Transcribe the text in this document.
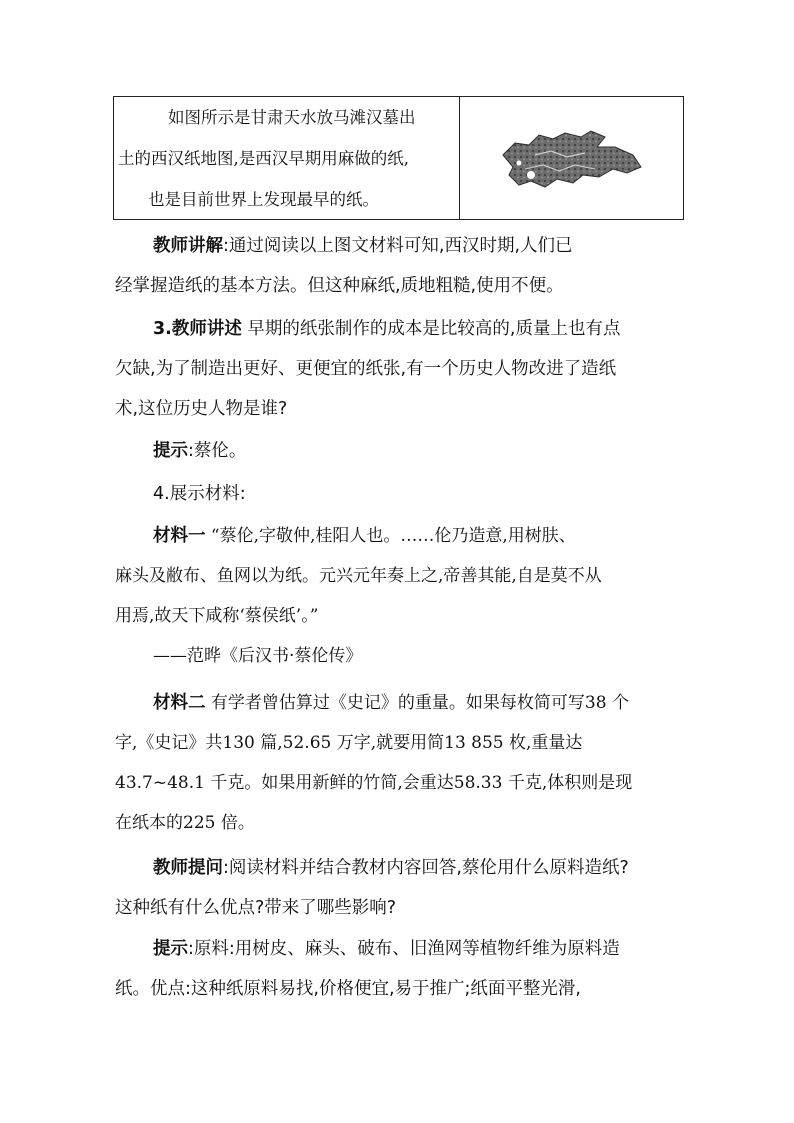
如图所示是甘肃天水放马滩汉墓出
土的西汉纸地图,是西汉早期用麻做的纸,
也是目前世界上发现最早的纸。
教师讲解:通过阅读以上图文材料可知,西汉时期,人们已
经掌握造纸的基本方法。但这种麻纸,质地粗糙,使用不便。
3.教师讲述 早期的纸张制作的成本是比较高的,质量上也有点
欠缺,为了制造出更好、更便宜的纸张,有一个历史人物改进了造纸
术,这位历史人物是谁?
提示:蔡伦。
4.展示材料:
材料一 “蔡伦,字敬仲,桂阳人也。……伦乃造意,用树肤、
麻头及敝布、鱼网以为纸。元兴元年奏上之,帝善其能,自是莫不从
用焉,故天下咸称‘蔡侯纸’。”
——范晔《后汉书·蔡伦传》
材料二 有学者曾估算过《史记》的重量。如果每枚简可写38 个
字,《史记》共130 篇,52.65 万字,就要用简13 855 枚,重量达
43.7~48.1 千克。如果用新鲜的竹简,会重达58.33 千克,体积则是现
在纸本的225 倍。
教师提问:阅读材料并结合教材内容回答,蔡伦用什么原料造纸?
这种纸有什么优点?带来了哪些影响?
提示:原料:用树皮、麻头、破布、旧渔网等植物纤维为原料造
纸。优点:这种纸原料易找,价格便宜,易于推广;纸面平整光滑,
